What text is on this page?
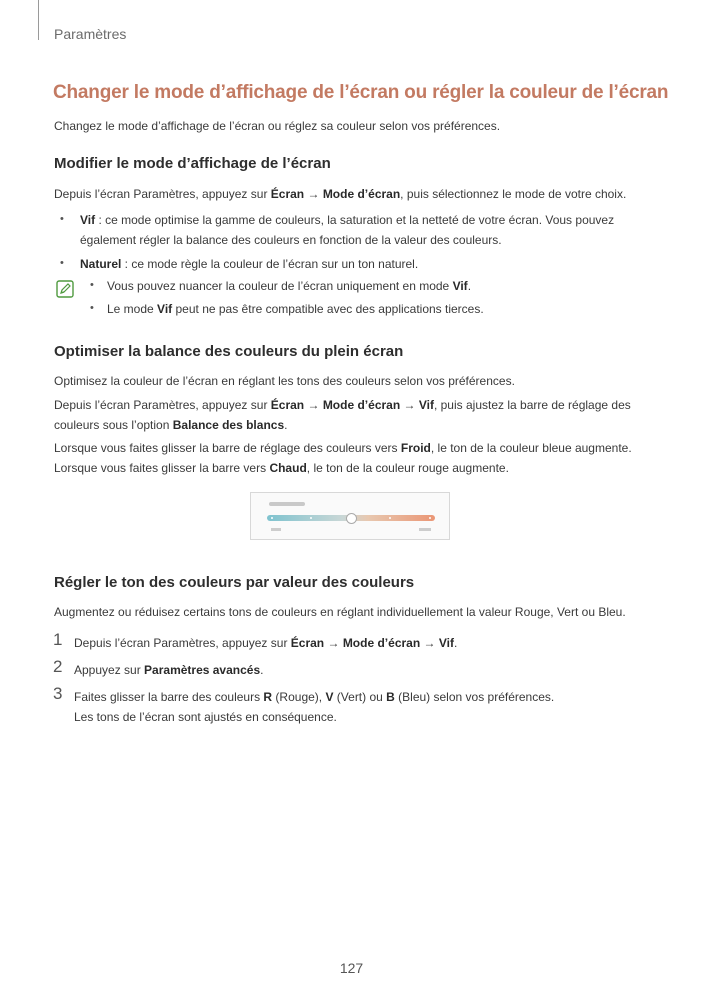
Paramètres
Changer le mode d’affichage de l’écran ou régler la couleur de l’écran
Changez le mode d’affichage de l’écran ou réglez sa couleur selon vos préférences.
Modifier le mode d’affichage de l’écran
Depuis l’écran Paramètres, appuyez sur Écran → Mode d’écran, puis sélectionnez le mode de votre choix.
• Vif : ce mode optimise la gamme de couleurs, la saturation et la netteté de votre écran. Vous pouvez
également régler la balance des couleurs en fonction de la valeur des couleurs.
• Naturel : ce mode règle la couleur de l’écran sur un ton naturel.
• Vous pouvez nuancer la couleur de l’écran uniquement en mode Vif.
• Le mode Vif peut ne pas être compatible avec des applications tierces.
Optimiser la balance des couleurs du plein écran
Optimisez la couleur de l’écran en réglant les tons des couleurs selon vos préférences.
Depuis l’écran Paramètres, appuyez sur Écran → Mode d’écran → Vif, puis ajustez la barre de réglage des
couleurs sous l’option Balance des blancs.
Lorsque vous faites glisser la barre de réglage des couleurs vers Froid, le ton de la couleur bleue augmente.
Lorsque vous faites glisser la barre vers Chaud, le ton de la couleur rouge augmente.
Régler le ton des couleurs par valeur des couleurs
Augmentez ou réduisez certains tons de couleurs en réglant individuellement la valeur Rouge, Vert ou Bleu.
1 Depuis l’écran Paramètres, appuyez sur Écran → Mode d’écran → Vif.
2 Appuyez sur Paramètres avancés.
3 Faites glisser la barre des couleurs R (Rouge), V (Vert) ou B (Bleu) selon vos préférences.
Les tons de l’écran sont ajustés en conséquence.
127
